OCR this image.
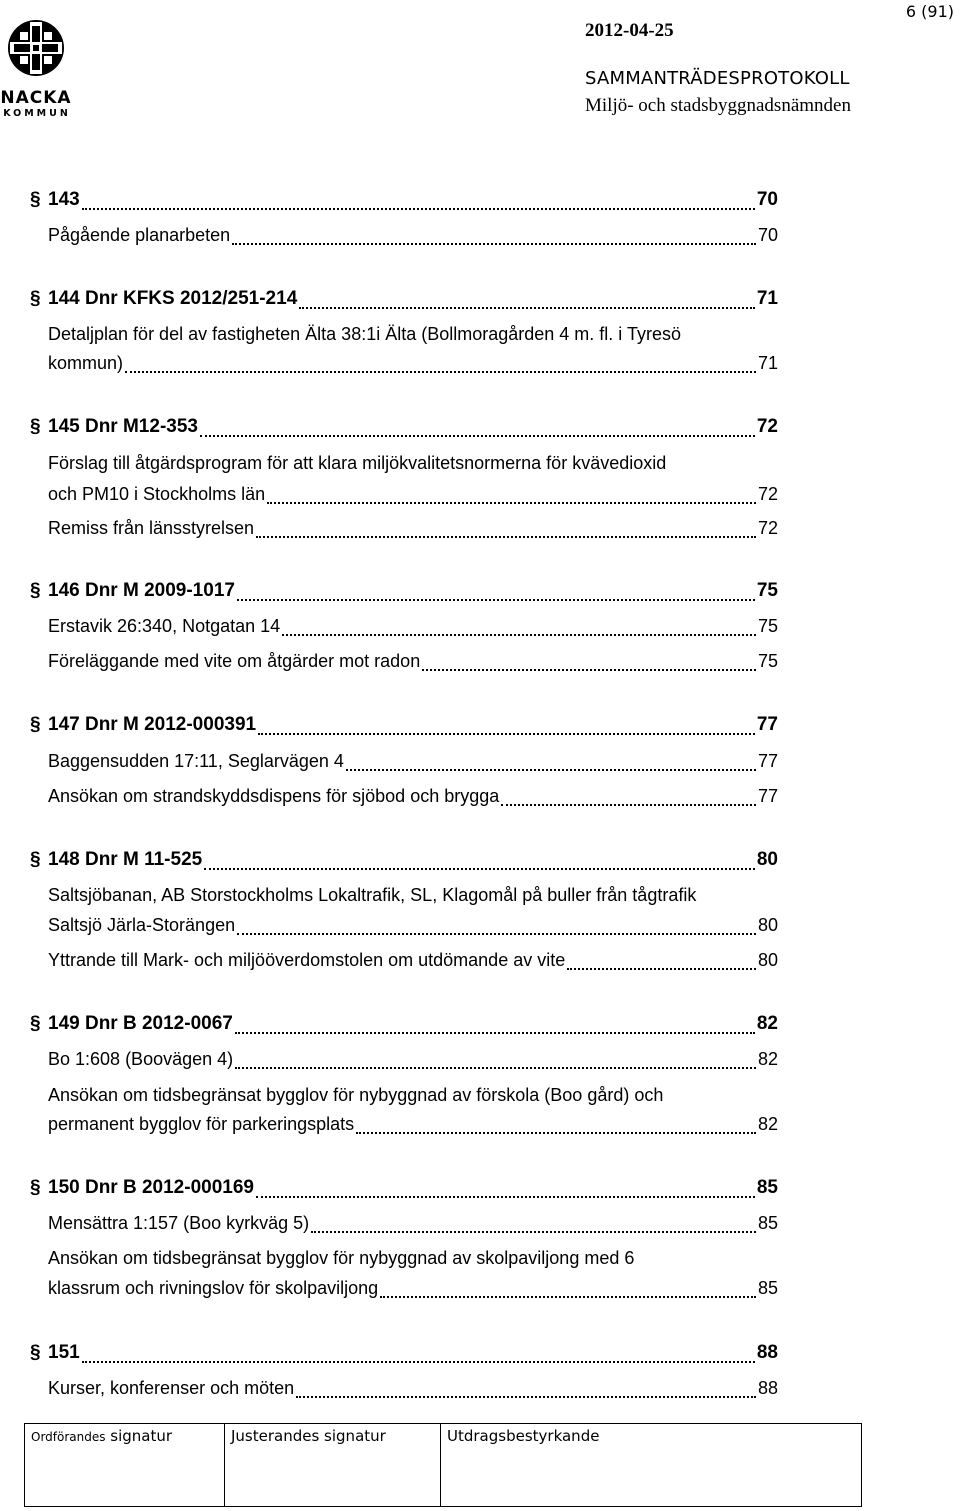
6 (91)
NACKA
KOMMUN
2012-04-25
SAMMANTRÄDESPROTOKOLL
Miljö- och stadsbyggnadsnämnden
§ 143	70
Pågående planarbeten	70
§ 144 Dnr KFKS 2012/251-214	71
Detaljplan för del av fastigheten Älta 38:1i Älta (Bollmoragården 4 m. fl. i Tyresö
kommun)	71
§ 145 Dnr M12-353	72
Förslag till åtgärdsprogram för att klara miljökvalitetsnormerna för kvävedioxid
och PM10 i Stockholms län	72
Remiss från länsstyrelsen	72
§ 146 Dnr M 2009-1017	75
Erstavik 26:340, Notgatan 14	75
Föreläggande med vite om åtgärder mot radon	75
§ 147 Dnr M 2012-000391	77
Baggensudden 17:11, Seglarvägen 4	77
Ansökan om strandskyddsdispens för sjöbod och brygga	77
§ 148 Dnr M 11-525	80
Saltsjöbanan, AB Storstockholms Lokaltrafik, SL, Klagomål på buller från tågtrafik
Saltsjö Järla-Storängen	80
Yttrande till Mark- och miljööverdomstolen om utdömande av vite	80
§ 149 Dnr B 2012-0067	82
Bo 1:608 (Boovägen 4)	82
Ansökan om tidsbegränsat bygglov för nybyggnad av förskola (Boo gård) och
permanent bygglov för parkeringsplats	82
§ 150 Dnr B 2012-000169	85
Mensättra 1:157 (Boo kyrkväg 5)	85
Ansökan om tidsbegränsat bygglov för nybyggnad av skolpaviljong med 6
klassrum och rivningslov för skolpaviljong	85
§ 151	88
Kurser, konferenser och möten	88
Ordförandes signatur	Justerandes signatur	Utdragsbestyrkande
